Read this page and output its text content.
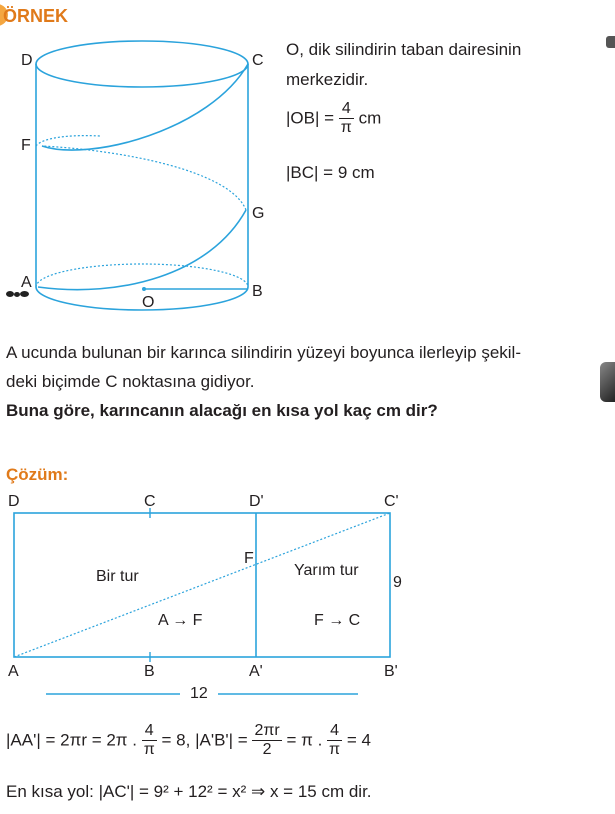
ÖRNEK
D	C
F
G
A
B
O
O, dik silindirin taban dairesinin
merkezidir.
$|OB| = \frac{4}{\pi}$ cm
|BC| = 9 cm
A ucunda bulunan bir karınca silindirin yüzeyi boyunca ilerleyip şekil-
deki biçimde C noktasına gidiyor.
Buna göre, karıncanın alacağı en kısa yol kaç cm dir?
Çözüm:
D	C	D'	C'
F
9
A	B	A'	B'
12
Bir tur	Yarım tur
A → F	F → C
|AA'| = 2πr = 2π . $\frac{4}{\pi} = 8$, $|A'B'| = \frac{2\pi r}{2} = \pi$ . $\frac{4}{\pi} = 4$
En kısa yol: |AC'| = 9² + 12² = x² ⇒ x = 15 cm dir.
